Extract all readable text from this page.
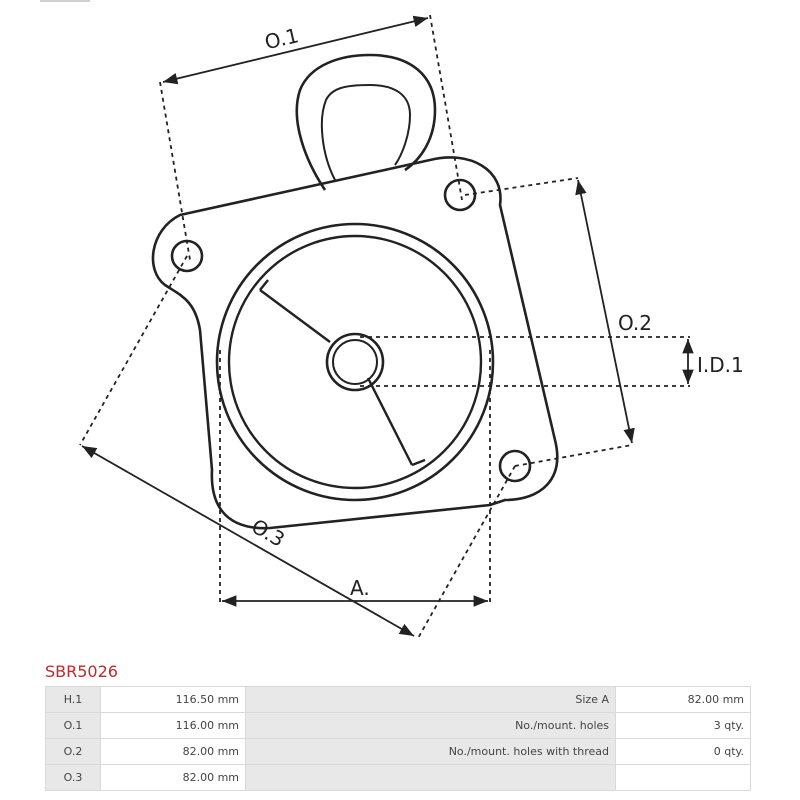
O.1
O.2
I.D.1
O.3
A.
SBR5026
H.1	116.50 mm	Size A	82.00 mm
O.1	116.00 mm	No./mount. holes	3 qty.
O.2	82.00 mm	No./mount. holes with thread	0 qty.
O.3	82.00 mm		
